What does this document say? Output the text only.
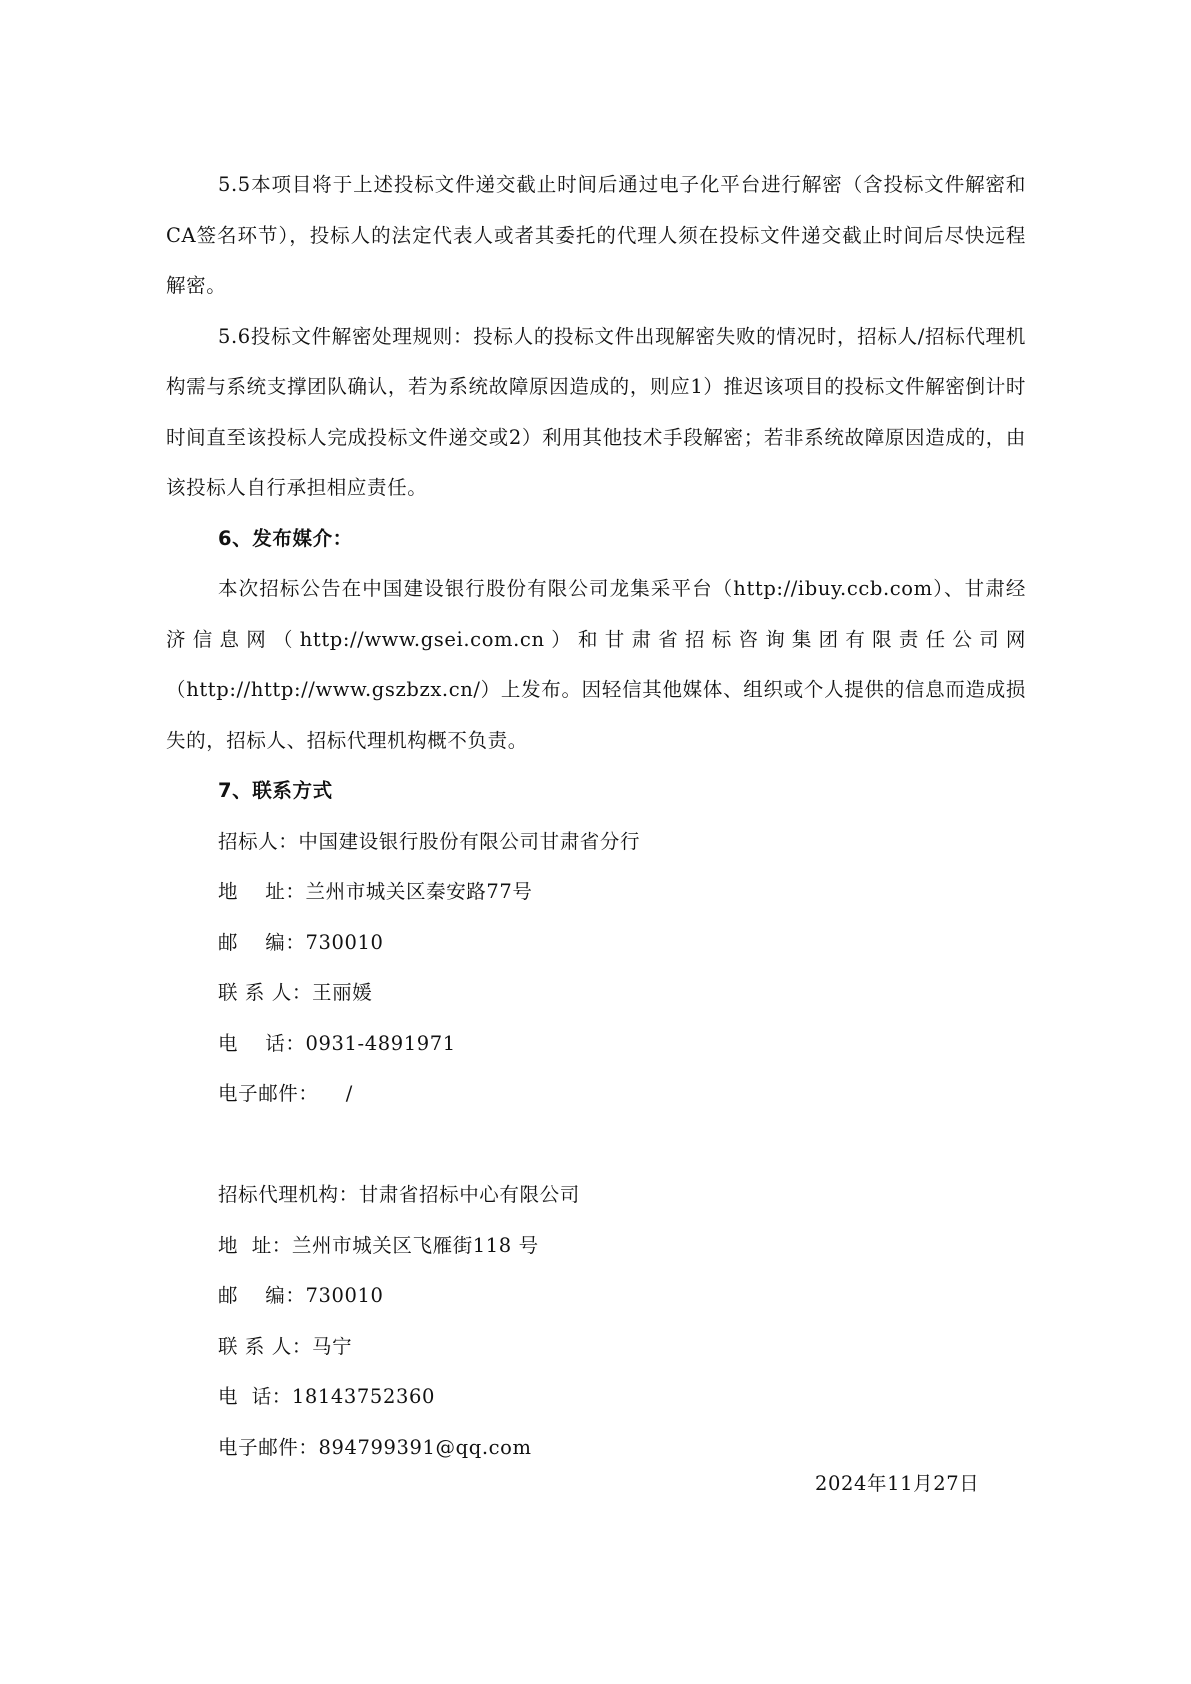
5.5本项目将于上述投标文件递交截止时间后通过电子化平台进行解密（含投标文件解密和CA签名环节），投标人的法定代表人或者其委托的代理人须在投标文件递交截止时间后尽快远程解密。

5.6投标文件解密处理规则：投标人的投标文件出现解密失败的情况时，招标人/招标代理机构需与系统支撑团队确认，若为系统故障原因造成的，则应1）推迟该项目的投标文件解密倒计时时间直至该投标人完成投标文件递交或2）利用其他技术手段解密；若非系统故障原因造成的，由该投标人自行承担相应责任。

6、发布媒介：

本次招标公告在中国建设银行股份有限公司龙集采平台（http://ibuy.ccb.com）、甘肃经济信息网（http://www.gsei.com.cn）和甘肃省招标咨询集团有限责任公司网（http://http://www.gszbzx.cn/）上发布。因轻信其他媒体、组织或个人提供的信息而造成损失的，招标人、招标代理机构概不负责。

7、联系方式

招标人：中国建设银行股份有限公司甘肃省分行

地    址：兰州市城关区秦安路77号

邮    编：730010

联 系 人：王丽媛

电    话：0931-4891971

电子邮件：    /

招标代理机构：甘肃省招标中心有限公司

地  址：兰州市城关区飞雁街118 号

邮    编：730010

联 系 人：马宁

电  话：18143752360

电子邮件：894799391@qq.com

2024年11月27日
